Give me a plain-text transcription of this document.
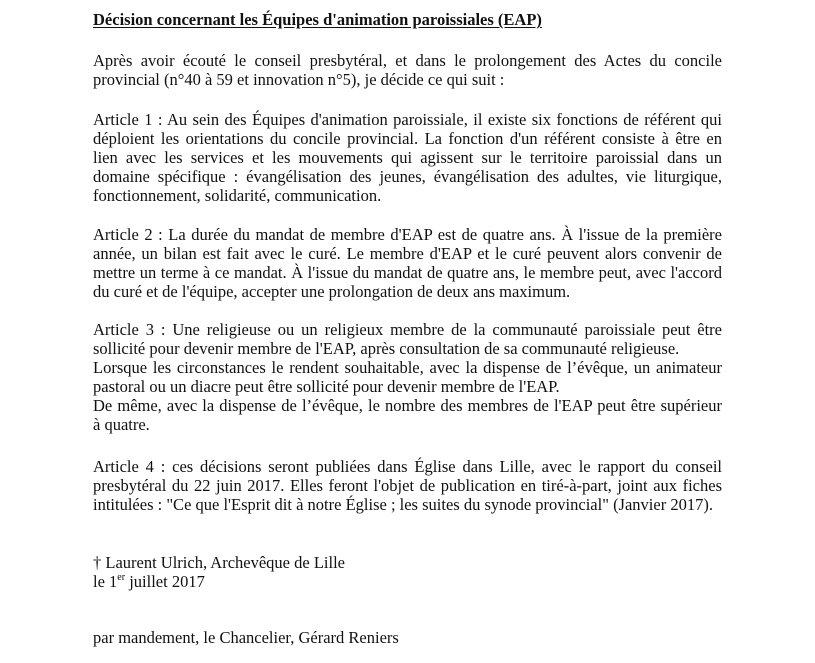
Décision concernant les Équipes d'animation paroissiales (EAP)

Après avoir écouté le conseil presbytéral, et dans le prolongement des Actes du concile
provincial (n°40 à 59 et innovation n°5), je décide ce qui suit :

Article 1 : Au sein des Équipes d'animation paroissiale, il existe six fonctions de référent qui
déploient les orientations du concile provincial. La fonction d'un référent consiste à être en
lien avec les services et les mouvements qui agissent sur le territoire paroissial dans un
domaine spécifique : évangélisation des jeunes, évangélisation des adultes, vie liturgique,
fonctionnement, solidarité, communication.

Article 2 : La durée du mandat de membre d'EAP est de quatre ans. À l'issue de la première
année, un bilan est fait avec le curé. Le membre d'EAP et le curé peuvent alors convenir de
mettre un terme à ce mandat. À l'issue du mandat de quatre ans, le membre peut, avec l'accord
du curé et de l'équipe, accepter une prolongation de deux ans maximum.

Article 3 : Une religieuse ou un religieux membre de la communauté paroissiale peut être
sollicité pour devenir membre de l'EAP, après consultation de sa communauté religieuse.
Lorsque les circonstances le rendent souhaitable, avec la dispense de l’évêque, un animateur
pastoral ou un diacre peut être sollicité pour devenir membre de l'EAP.
De même, avec la dispense de l’évêque, le nombre des membres de l'EAP peut être supérieur
à quatre.

Article 4 : ces décisions seront publiées dans Église dans Lille, avec le rapport du conseil
presbytéral du 22 juin 2017. Elles feront l'objet de publication en tiré-à-part, joint aux fiches
intitulées : "Ce que l'Esprit dit à notre Église ; les suites du synode provincial" (Janvier 2017).

† Laurent Ulrich, Archevêque de Lille
le 1er juillet 2017
par mandement, le Chancelier, Gérard Reniers
